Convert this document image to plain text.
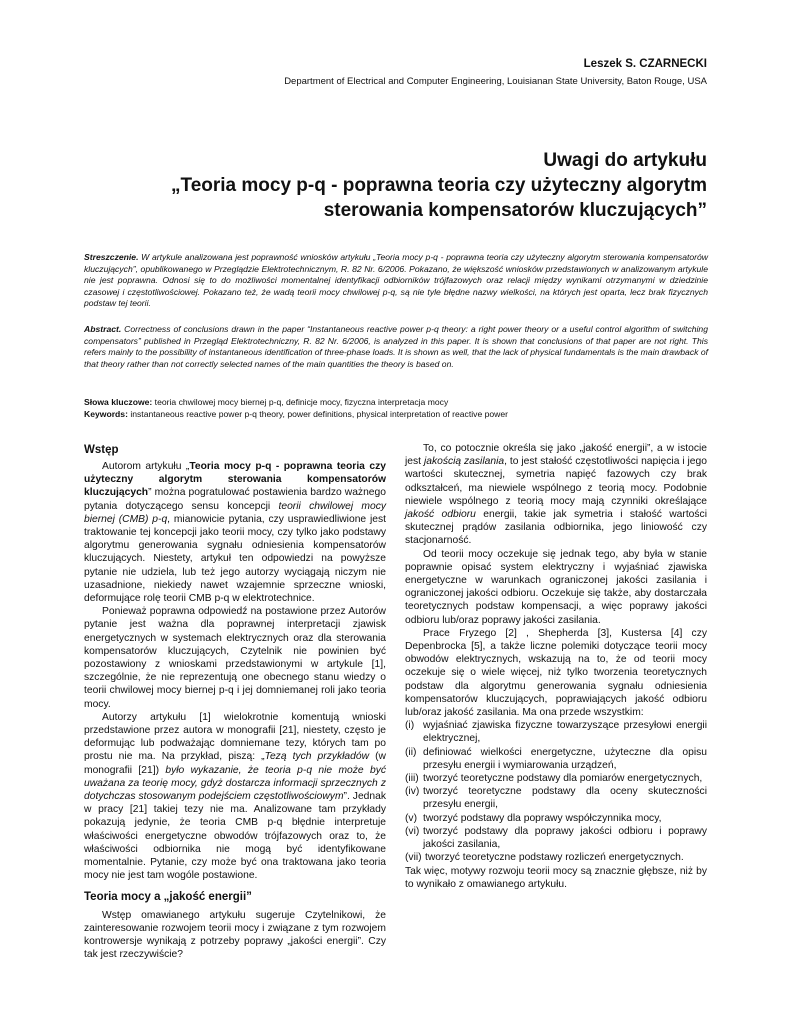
Leszek S. CZARNECKI
Department of Electrical and Computer Engineering, Louisianan State University, Baton Rouge, USA
Uwagi do artykułu
„Teoria mocy p-q - poprawna teoria czy użyteczny algorytm
sterowania kompensatorów kluczujących”
Streszczenie. W artykule analizowana jest poprawność wniosków artykułu „Teoria mocy p-q - poprawna teoria czy użyteczny algorytm sterowania kompensatorów kluczujących”, opublikowanego w Przeglądzie Elektrotechnicznym, R. 82 Nr. 6/2006. Pokazano, że większość wniosków przedstawionych w analizowanym artykule nie jest poprawna. Odnosi się to do możliwości momentalnej identyfikacji odbiorników trójfazowych oraz relacji między wynikami otrzymanymi w dziedzinie czasowej i częstotliwościowej. Pokazano też, że wadą teorii mocy chwilowej p-q, są nie tyle błędne nazwy wielkości, na których jest oparta, lecz brak fizycznych podstaw tej teorii.
Abstract. Correctness of conclusions drawn in the paper “Instantaneous reactive power p-q theory: a right power theory or a useful control algorithm of switching compensators” published in Przegląd Elektrotechniczny, R. 82 Nr. 6/2006, is analyzed in this paper. It is shown that conclusions of that paper are not right. This refers mainly to the possibility of instantaneous identification of three-phase loads. It is shown as well, that the lack of physical fundamentals is the main drawback of that theory rather than not correctly selected names of the main quantities the theory is based on.
Słowa kluczowe: teoria chwilowej mocy biernej p-q, definicje mocy, fizyczna interpretacja mocy
Keywords: instantaneous reactive power p-q theory, power definitions, physical interpretation of reactive power
Wstęp

Autorom artykułu „Teoria mocy p-q - poprawna teoria czy użyteczny algorytm sterowania kompensatorów kluczujących” można pogratulować postawienia bardzo ważnego pytania dotyczącego sensu koncepcji teorii chwilowej mocy biernej (CMB) p-q, mianowicie pytania, czy usprawiedliwione jest traktowanie tej koncepcji jako teorii mocy, czy tylko jako podstawy algorytmu generowania sygnału odniesienia kompensatorów kluczujących. Niestety, artykuł ten odpowiedzi na powyższe pytanie nie udziela, lub też jego autorzy wyciągają niczym nie uzasadnione, niekiedy nawet wzajemnie sprzeczne wnioski, deformujące rolę teorii CMB p-q w elektrotechnice.

Ponieważ poprawna odpowiedź na postawione przez Autorów pytanie jest ważna dla poprawnej interpretacji zjawisk energetycznych w systemach elektrycznych oraz dla sterowania kompensatorów kluczujących, Czytelnik nie powinien być pozostawiony z wnioskami przedstawionymi w artykule [1], szczególnie, że nie reprezentują one obecnego stanu wiedzy o teorii chwilowej mocy biernej p-q i jej domniemanej roli jako teoria mocy.

Autorzy artykułu [1] wielokrotnie komentują wnioski przedstawione przez autora w monografii [21], niestety, często je deformując lub podważając domniemane tezy, których tam po prostu nie ma. Na przykład, piszą: „Tezą tych przykładów (w monografii [21]) było wykazanie, że teoria p-q nie może być uważana za teorię mocy, gdyż dostarcza informacji sprzecznych z dotychczas stosowanym podejściem częstotliwościowym”. Jednak w pracy [21] takiej tezy nie ma. Analizowane tam przykłady pokazują jedynie, że teoria CMB p-q błędnie interpretuje właściwości energetyczne obwodów trójfazowych oraz to, że właściwości odbiornika nie mogą być identyfikowane momentalnie. Pytanie, czy może być ona traktowana jako teoria mocy nie jest tam wogóle postawione.

Teoria mocy a „jakość energii”

Wstęp omawianego artykułu sugeruje Czytelnikowi, że zainteresowanie rozwojem teorii mocy i związane z tym rozwojem kontrowersje wynikają z potrzeby poprawy „jakości energii”. Czy tak jest rzeczywiście?

To, co potocznie określa się jako „jakość energii”, a w istocie jest jakością zasilania, to jest stałość częstotliwości napięcia i jego wartości skutecznej, symetria napięć fazowych czy brak odkształceń, ma niewiele wspólnego z teorią mocy. Podobnie niewiele wspólnego z teorią mocy mają czynniki określające jakość odbioru energii, takie jak symetria i stałość wartości skutecznej prądów zasilania odbiornika, jego liniowość czy stacjonarność.

Od teorii mocy oczekuje się jednak tego, aby była w stanie poprawnie opisać system elektryczny i wyjaśniać zjawiska energetyczne w warunkach ograniczonej jakości zasilania i ograniczonej jakości odbioru. Oczekuje się także, aby dostarczała teoretycznych podstaw kompensacji, a więc poprawy jakości odbioru lub/oraz poprawy jakości zasilania.

Prace Fryzego [2] , Shepherda [3], Kustersa [4] czy Depenbrocka [5], a także liczne polemiki dotyczące teorii mocy obwodów elektrycznych, wskazują na to, że od teorii mocy oczekuje się o wiele więcej, niż tylko tworzenia teoretycznych podstaw dla algorytmu generowania sygnału odniesienia kompensatorów kluczujących, poprawiających jakość odbioru lub/oraz jakość zasilania. Ma ona przede wszystkim:

(i) wyjaśniać zjawiska fizyczne towarzyszące przesyłowi energii elektrycznej,
(ii) definiować wielkości energetyczne, użyteczne dla opisu przesyłu energii i wymiarowania urządzeń,
(iii) tworzyć teoretyczne podstawy dla pomiarów energetycznych,
(iv) tworzyć teoretyczne podstawy dla oceny skuteczności przesyłu energii,
(v) tworzyć podstawy dla poprawy współczynnika mocy,
(vi) tworzyć podstawy dla poprawy jakości odbioru i poprawy jakości zasilania,
(vii) tworzyć teoretyczne podstawy rozliczeń energetycznych.

Tak więc, motywy rozwoju teorii mocy są znacznie głębsze, niż by to wynikało z omawianego artykułu.
